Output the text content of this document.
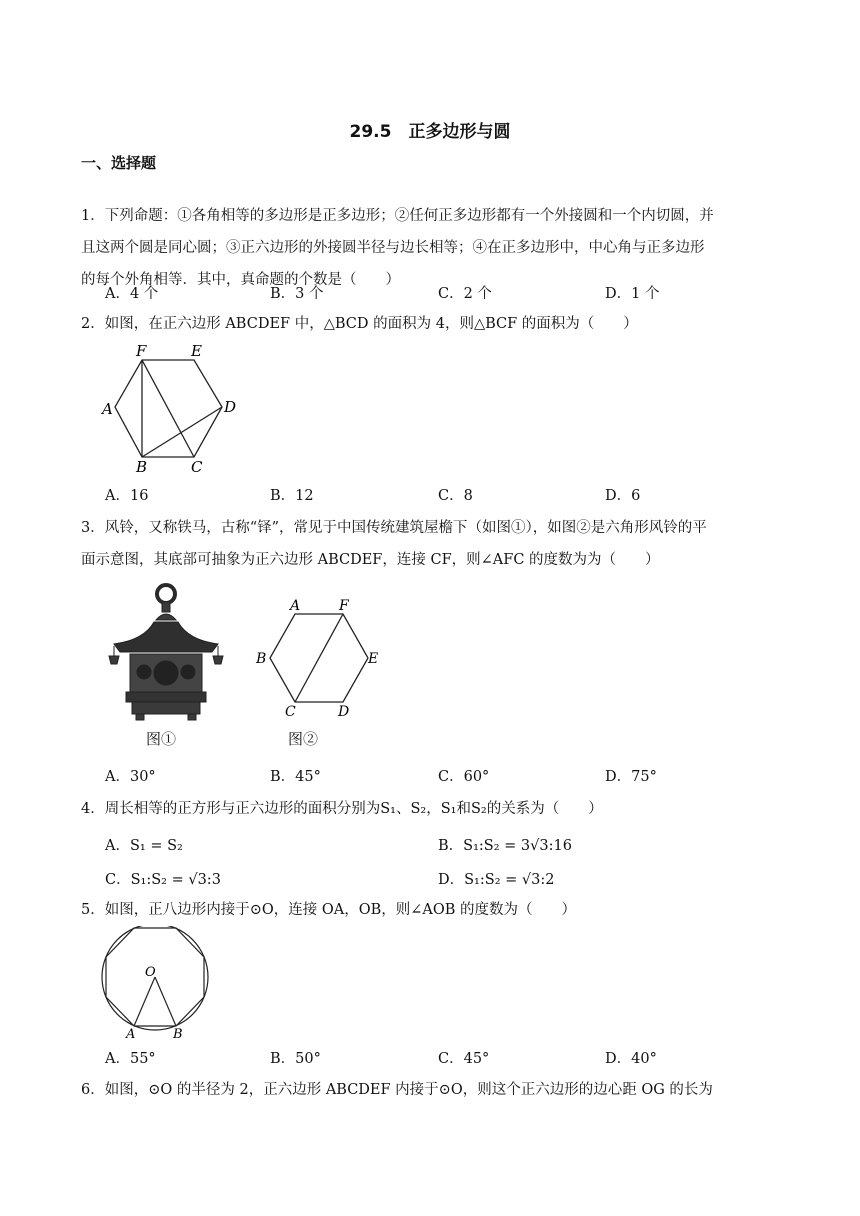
29.5　正多边形与圆
一、选择题
1．下列命题：①各角相等的多边形是正多边形；②任何正多边形都有一个外接圆和一个内切圆，并
且这两个圆是同心圆；③正六边形的外接圆半径与边长相等；④在正多边形中，中心角与正多边形
的每个外角相等．其中，真命题的个数是（　　）
A．4 个	B．3 个	C．2 个	D．1 个
2．如图，在正六边形 ABCDEF 中，△BCD 的面积为 4，则△BCF 的面积为（　　）
F	E
A	D
B	C
A．16	B．12	C．8	D．6
3．风铃，又称铁马，古称“铎”，常见于中国传统建筑屋檐下（如图①），如图②是六角形风铃的平
面示意图，其底部可抽象为正六边形 ABCDEF，连接 CF，则∠AFC 的度数为为（　　）
图①
A	F
B	E
C	D
图②
A．30°	B．45°	C．60°	D．75°
4．周长相等的正方形与正六边形的面积分别为S₁、S₂，S₁和S₂的关系为（　　）
A．S₁ = S₂	B．S₁:S₂ = 3√3:16
C．S₁:S₂ = √3:3	D．S₁:S₂ = √3:2
5．如图，正八边形内接于⊙O，连接 OA，OB，则∠AOB 的度数为（　　）
O
A	B
A．55°	B．50°	C．45°	D．40°
6．如图，⊙O 的半径为 2，正六边形 ABCDEF 内接于⊙O，则这个正六边形的边心距 OG 的长为
